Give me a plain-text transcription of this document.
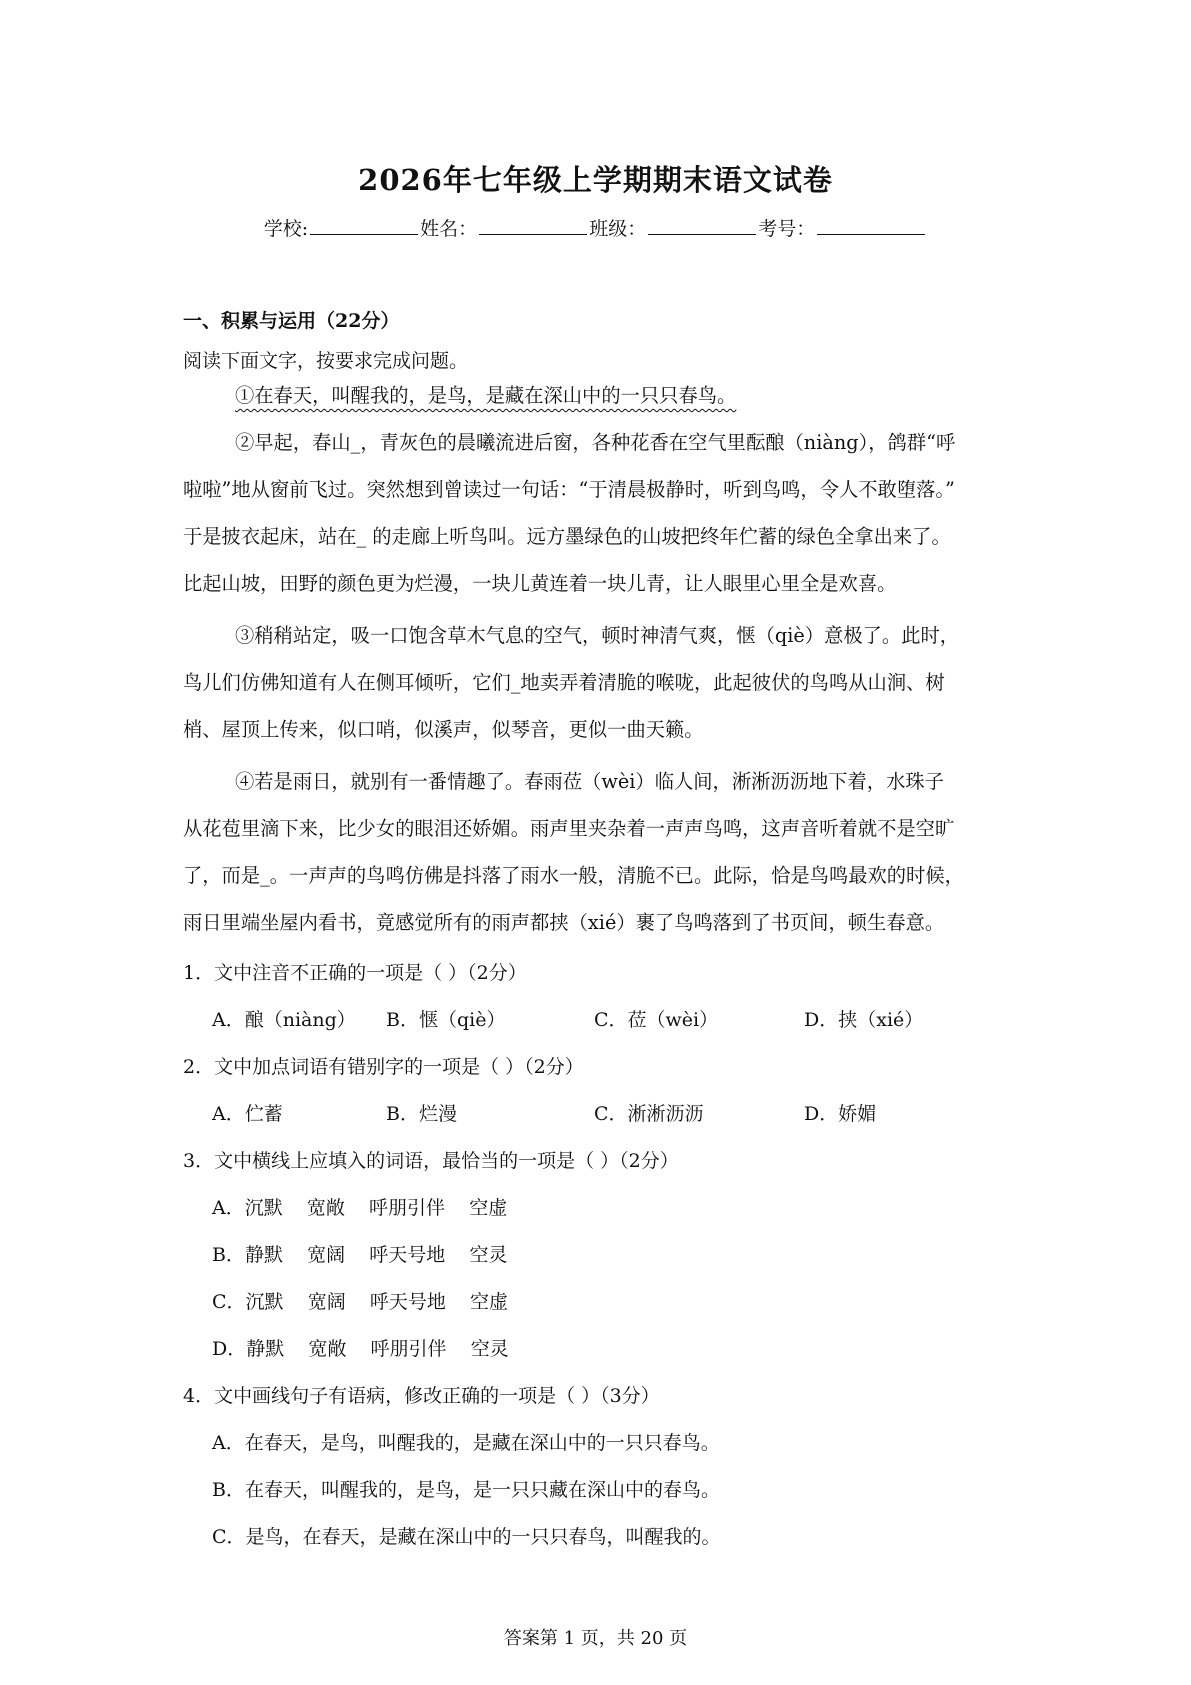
2026年七年级上学期期末语文试卷
学校:	姓名：	班级：	考号：
一、积累与运用（22分）
阅读下面文字，按要求完成问题。
①在春天，叫醒我的，是鸟，是藏在深山中的一只只春鸟。
②早起，春山_，青灰色的晨曦流进后窗，各种花香在空气里酝酿（niàng），鸽群“呼
啦啦”地从窗前飞过。突然想到曾读过一句话：“于清晨极静时，听到鸟鸣，令人不敢堕落。”
于是披衣起床，站在_ 的走廊上听鸟叫。远方墨绿色的山坡把终年伫蓄的绿色全拿出来了。
比起山坡，田野的颜色更为烂漫，一块儿黄连着一块儿青，让人眼里心里全是欢喜。
③稍稍站定，吸一口饱含草木气息的空气，顿时神清气爽，惬（qiè）意极了。此时，
鸟儿们仿佛知道有人在侧耳倾听，它们_地卖弄着清脆的喉咙，此起彼伏的鸟鸣从山涧、树
梢、屋顶上传来，似口哨，似溪声，似琴音，更似一曲天籁。
④若是雨日，就别有一番情趣了。春雨莅（wèi）临人间，淅淅沥沥地下着，水珠子
从花苞里滴下来，比少女的眼泪还娇媚。雨声里夹杂着一声声鸟鸣，这声音听着就不是空旷
了，而是_。一声声的鸟鸣仿佛是抖落了雨水一般，清脆不已。此际，恰是鸟鸣最欢的时候，
雨日里端坐屋内看书，竟感觉所有的雨声都挟（xié）裹了鸟鸣落到了书页间，顿生春意。
1．文中注音不正确的一项是（ ）（2分）
A．酿（niàng） B．惬（qiè）	C．莅（wèi）	D．挟（xié）
2．文中加点词语有错别字的一项是（ ）（2分）
A．伫蓄	B．烂漫	C．淅淅沥沥	D．娇媚
3．文中横线上应填入的词语，最恰当的一项是（ ）（2分）
A．沉默    宽敞    呼朋引伴    空虚
B．静默    宽阔    呼天号地    空灵
C．沉默    宽阔    呼天号地    空虚
D．静默    宽敞    呼朋引伴    空灵
4．文中画线句子有语病，修改正确的一项是（ ）（3分）
A．在春天，是鸟，叫醒我的，是藏在深山中的一只只春鸟。
B．在春天，叫醒我的，是鸟，是一只只藏在深山中的春鸟。
C．是鸟，在春天，是藏在深山中的一只只春鸟，叫醒我的。
答案第 1 页，共 20 页
